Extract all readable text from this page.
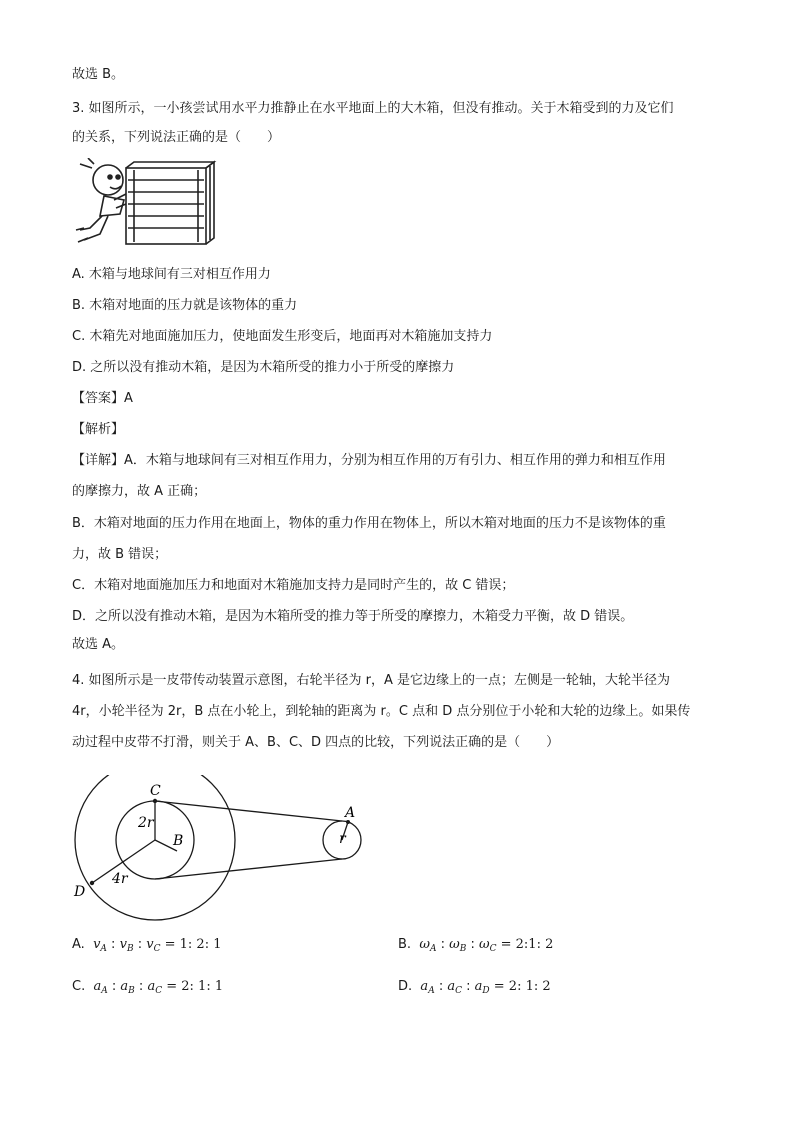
故选 B。
3. 如图所示，一小孩尝试用水平力推静止在水平地面上的大木箱，但没有推动。关于木箱受到的力及它们
的关系，下列说法正确的是（　　）
A. 木箱与地球间有三对相互作用力
B. 木箱对地面的压力就是该物体的重力
C. 木箱先对地面施加压力，使地面发生形变后，地面再对木箱施加支持力
D. 之所以没有推动木箱，是因为木箱所受的推力小于所受的摩擦力
【答案】A
【解析】
【详解】A．木箱与地球间有三对相互作用力，分别为相互作用的万有引力、相互作用的弹力和相互作用
的摩擦力，故 A 正确；
B．木箱对地面的压力作用在地面上，物体的重力作用在物体上，所以木箱对地面的压力不是该物体的重
力，故 B 错误；
C．木箱对地面施加压力和地面对木箱施加支持力是同时产生的，故 C 错误；
D．之所以没有推动木箱，是因为木箱所受的推力等于所受的摩擦力，木箱受力平衡，故 D 错误。
故选 A。
4. 如图所示是一皮带传动装置示意图，右轮半径为 r，A 是它边缘上的一点；左侧是一轮轴，大轮半径为
4r，小轮半径为 2r，B 点在小轮上，到轮轴的距离为 r。C 点和 D 点分别位于小轮和大轮的边缘上。如果传
动过程中皮带不打滑，则关于 A、B、C、D 四点的比较，下列说法正确的是（　　）
C
2r
B
A
r
4r
D
A. $v_A$ : $v_B$ : $v_C = 1$: 2: 1	B. $\omega_A$ : $\omega_B$ : $\omega_C$ = 2:1: 2
C. $a_A$ : $a_B$ : $a_C = 2$: 1: 1	D. $a_A$ : $a_C$ : $a_D = 2$: 1: 2
